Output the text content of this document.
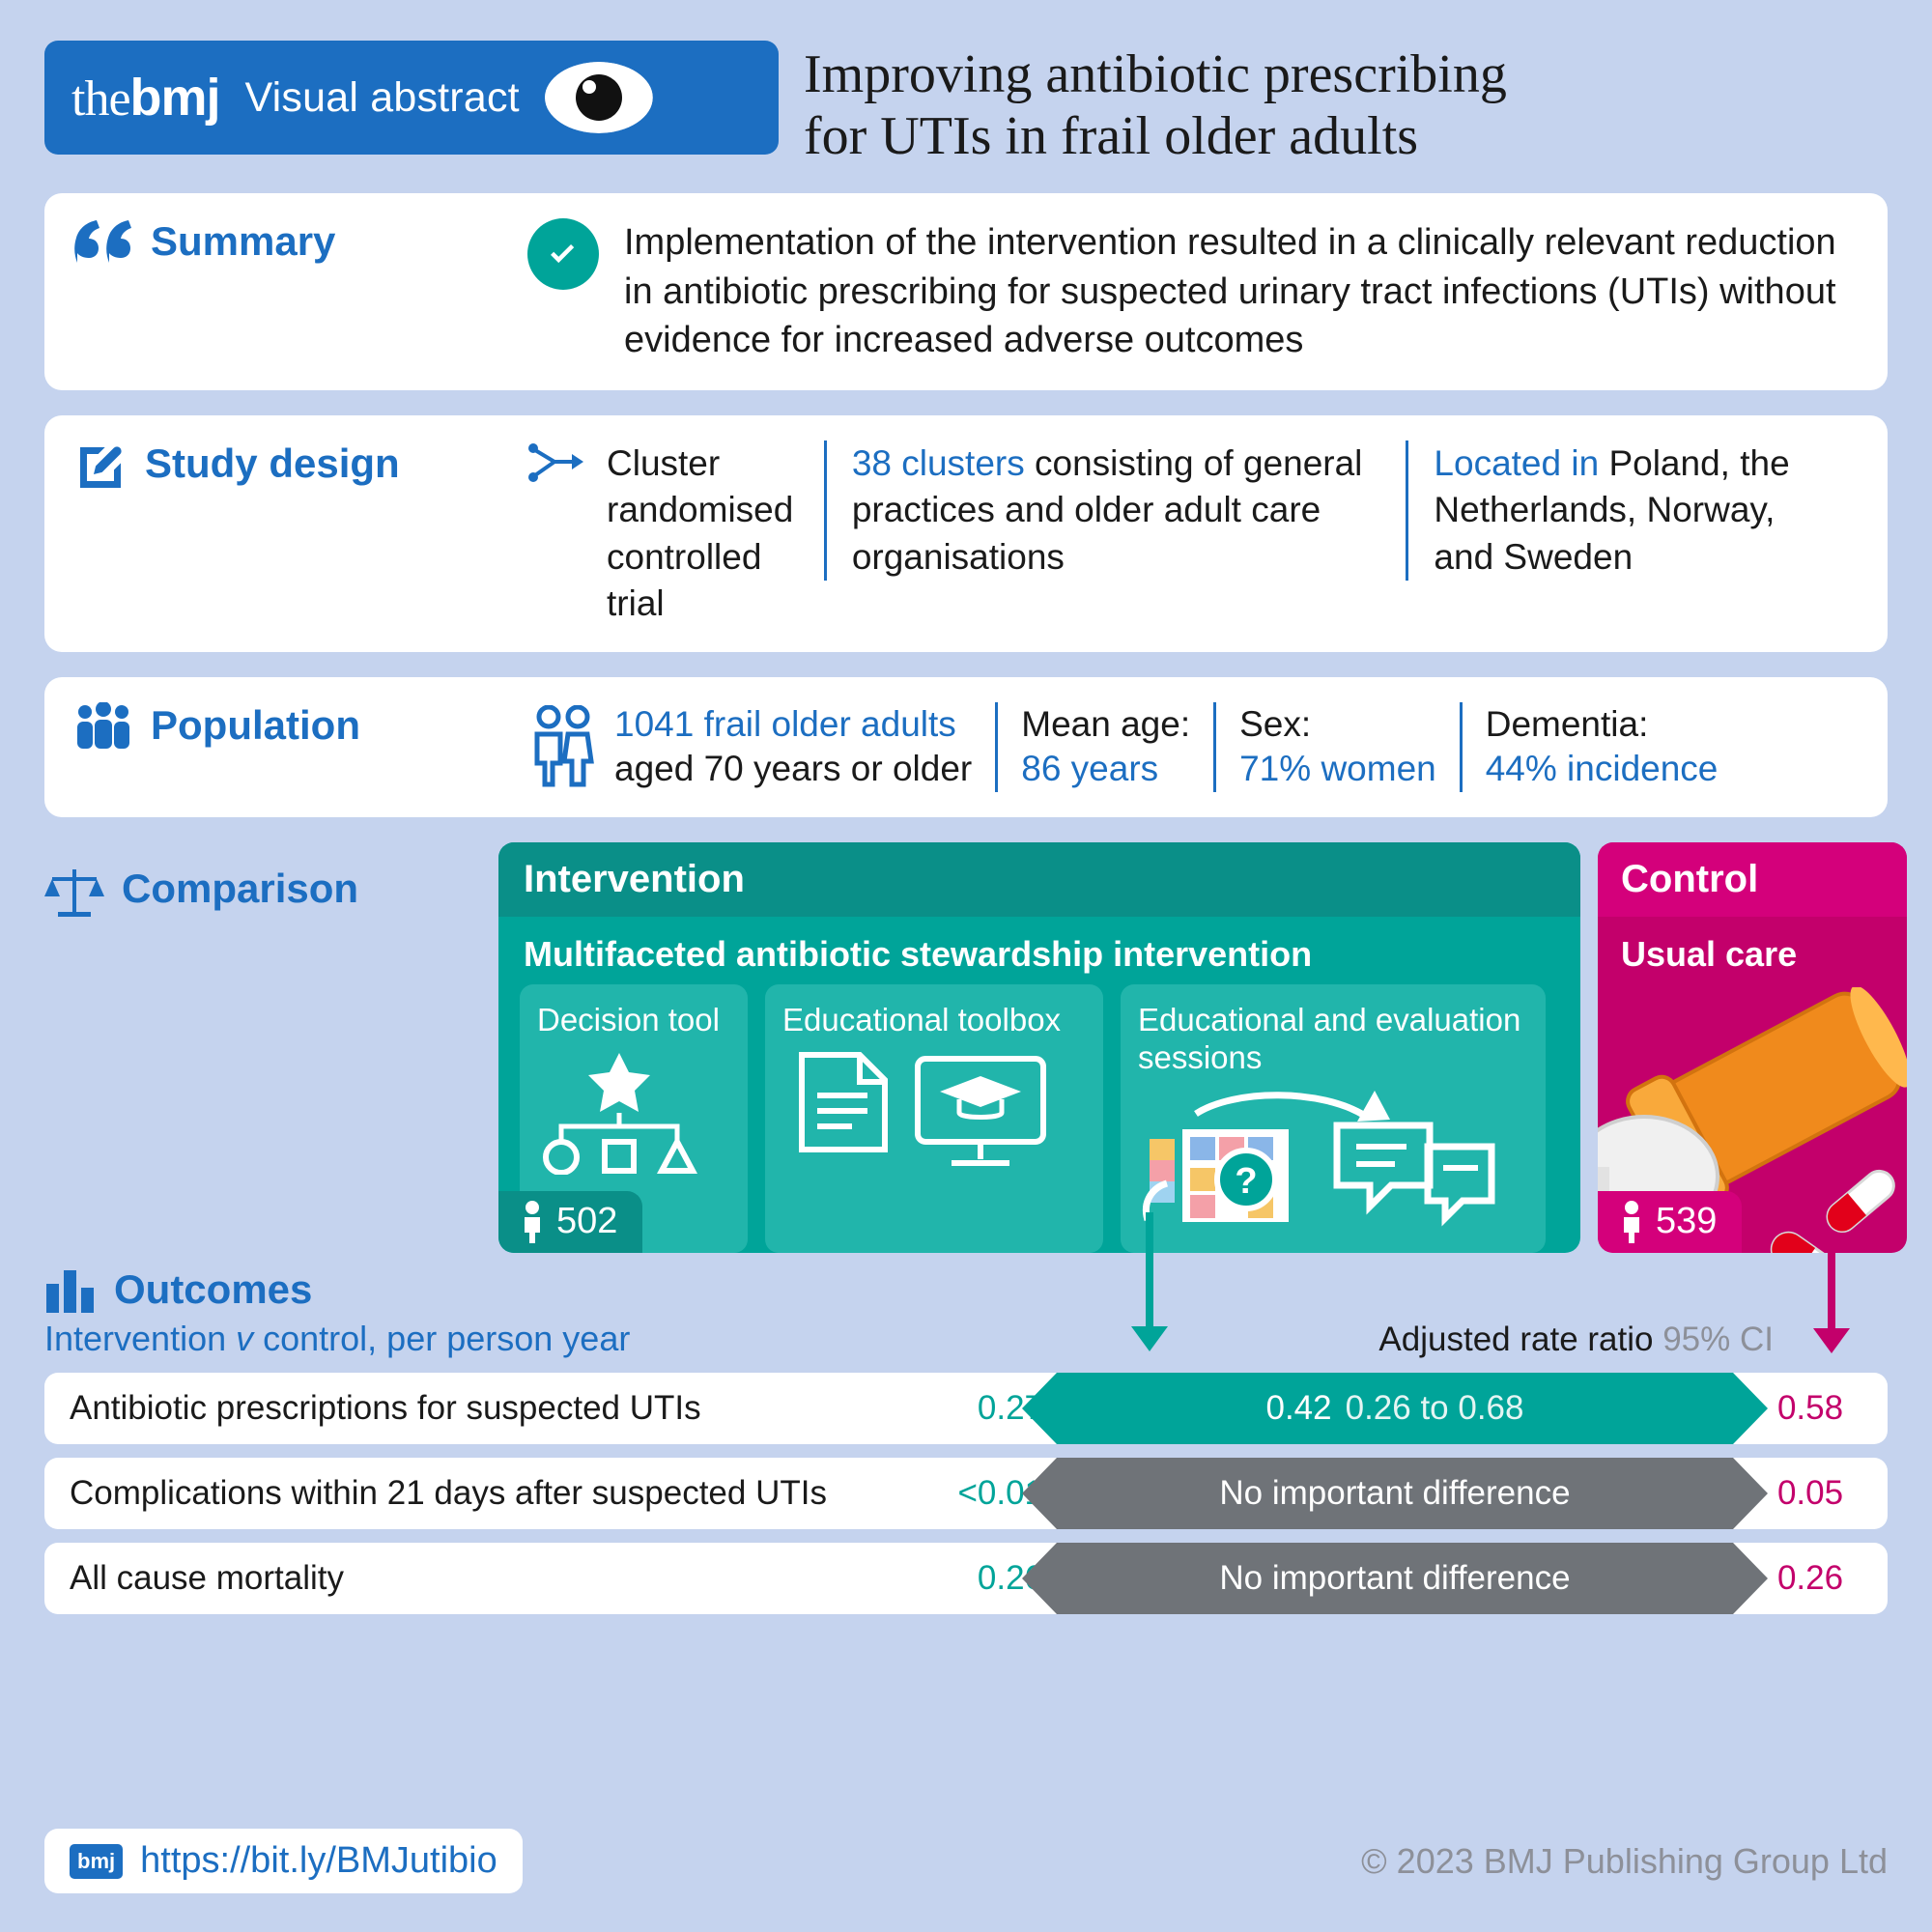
thebmj Visual abstract	Improving antibiotic prescribing
for UTIs in frail older adults
Summary	Implementation of the intervention resulted in a clinically relevant reduction in antibiotic prescribing for suspected urinary tract infections (UTIs) without evidence for increased adverse outcomes
Study design	Cluster randomised controlled trial
38 clusters consisting of general practices and older adult care organisations
Located in Poland, the Netherlands, Norway, and Sweden
Population	1041 frail older adults
aged 70 years or older
Mean age:
86 years
Sex:
71% women
Dementia:
44% incidence
Comparison	Intervention
Multifaceted antibiotic stewardship intervention
Decision tool	Educational toolbox	Educational and evaluation sessions
?
502
Control
Usual care
539
Outcomes
Intervention v control, per person year	Adjusted rate ratio 95% CI
Antibiotic prescriptions for suspected UTIs	0.27	0.42 0.26 to 0.68	0.58
Complications within 21 days after suspected UTIs	<0.01	No important difference	0.05
All cause mortality	0.26	No important difference	0.26
bmj https://bit.ly/BMJutibio	© 2023 BMJ Publishing Group Ltd
